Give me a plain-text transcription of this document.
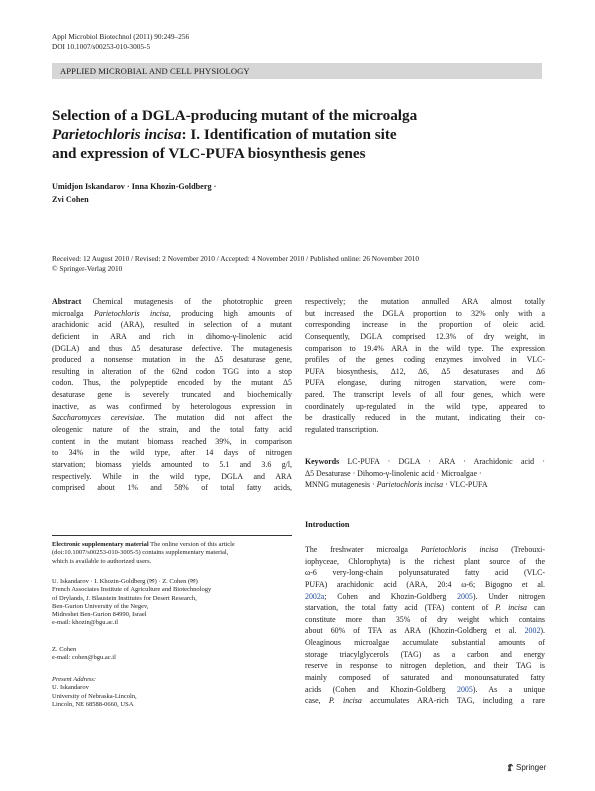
Appl Microbiol Biotechnol (2011) 90:249–256
DOI 10.1007/s00253-010-3005-5
APPLIED MICROBIAL AND CELL PHYSIOLOGY
Selection of a DGLA-producing mutant of the microalga
Parietochloris incisa: I. Identification of mutation site
and expression of VLC-PUFA biosynthesis genes
Umidjon Iskandarov · Inna Khozin-Goldberg ·
Zvi Cohen
Received: 12 August 2010 / Revised: 2 November 2010 / Accepted: 4 November 2010 / Published online: 26 November 2010
© Springer-Verlag 2010
Abstract Chemical mutagenesis of the phototrophic green
microalga Parietochloris incisa, producing high amounts of
arachidonic acid (ARA), resulted in selection of a mutant
deficient in ARA and rich in dihomo-γ-linolenic acid
(DGLA) and thus Δ5 desaturase defective. The mutagenesis
produced a nonsense mutation in the Δ5 desaturase gene,
resulting in alteration of the 62nd codon TGG into a stop
codon. Thus, the polypeptide encoded by the mutant Δ5
desaturase gene is severely truncated and biochemically
inactive, as was confirmed by heterologous expression in
Saccharomyces cerevisiae. The mutation did not affect the
oleogenic nature of the strain, and the total fatty acid
content in the mutant biomass reached 39%, in comparison
to 34% in the wild type, after 14 days of nitrogen
starvation; biomass yields amounted to 5.1 and 3.6 g/l,
respectively. While in the wild type, DGLA and ARA
comprised about 1% and 58% of total fatty acids,
respectively; the mutation annulled ARA almost totally
but increased the DGLA proportion to 32% only with a
corresponding increase in the proportion of oleic acid.
Consequently, DGLA comprised 12.3% of dry weight, in
comparison to 19.4% ARA in the wild type. The expression
profiles of the genes coding enzymes involved in VLC-
PUFA biosynthesis, Δ12, Δ6, Δ5 desaturases and Δ6
PUFA elongase, during nitrogen starvation, were com-
pared. The transcript levels of all four genes, which were
coordinately up-regulated in the wild type, appeared to
be drastically reduced in the mutant, indicating their co-
regulated transcription.
Keywords LC-PUFA · DGLA · ARA · Arachidonic acid ·
Δ5 Desaturase · Dihomo-γ-linolenic acid · Microalgae ·
MNNG mutagenesis · Parietochloris incisa · VLC-PUFA
Introduction
The freshwater microalga Parietochloris incisa (Trebouxi-
iophyceae, Chlorophyta) is the richest plant source of the
ω-6 very-long-chain polyunsaturated fatty acid (VLC-
PUFA) arachidonic acid (ARA, 20:4 ω-6; Bigogno et al.
2002a; Cohen and Khozin-Goldberg 2005). Under nitrogen
starvation, the total fatty acid (TFA) content of P. incisa can
constitute more than 35% of dry weight which contains
about 60% of TFA as ARA (Khozin-Goldberg et al. 2002).
Oleaginous microalgae accumulate substantial amounts of
storage triacylglycerols (TAG) as a carbon and energy
reserve in response to nitrogen depletion, and their TAG is
mainly composed of saturated and monounsaturated fatty
acids (Cohen and Khozin-Goldberg 2005). As a unique
case, P. incisa accumulates ARA-rich TAG, including a rare
Electronic supplementary material The online version of this article
(doi:10.1007/s00253-010-3005-5) contains supplementary material,
which is available to authorized users.
U. Iskandarov · I. Khozin-Goldberg (✉) · Z. Cohen (✉)
French Associates Institute of Agriculture and Biotechnology
of Drylands, J. Blaustein Institutes for Desert Research,
Ben-Gurion University of the Negev,
Midreshet Ben-Gurion 84990, Israel
e-mail: khozin@bgu.ac.il
Z. Cohen
e-mail: cohen@bgu.ac.il
Present Address:
U. Iskandarov
University of Nebraska-Lincoln,
Lincoln, NE 68588-0660, USA
Springer
